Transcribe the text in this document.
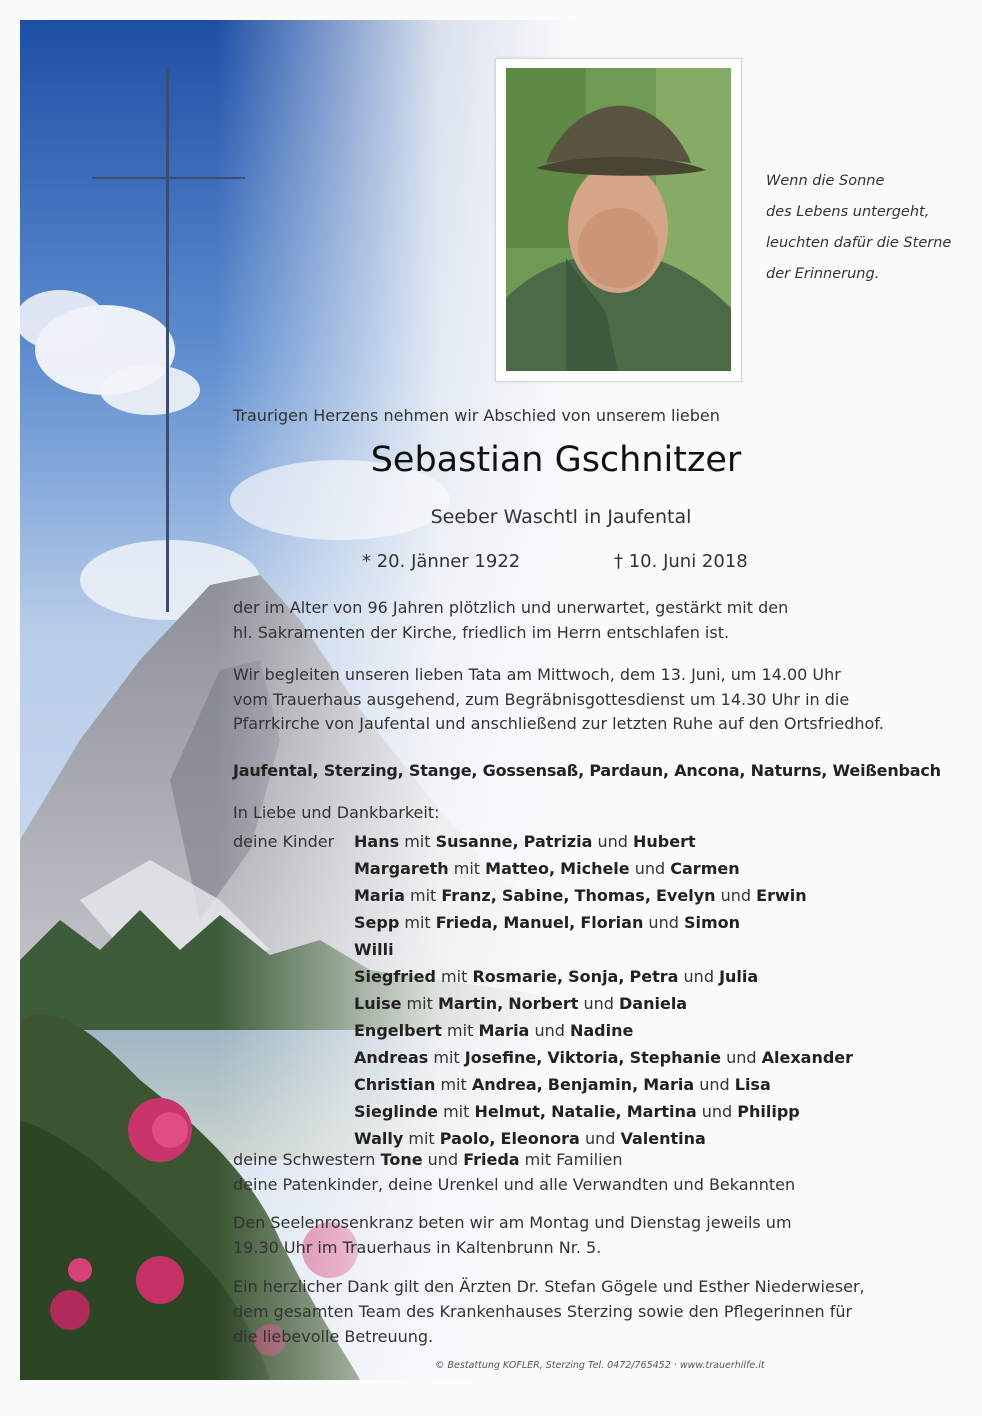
Wenn die Sonne
des Lebens untergeht,
leuchten dafür die Sterne
der Erinnerung.
Traurigen Herzens nehmen wir Abschied von unserem lieben
Sebastian Gschnitzer
Seeber Waschtl in Jaufental
* 20. Jänner 1922	† 10. Juni 2018
der im Alter von 96 Jahren plötzlich und unerwartet, gestärkt mit den
hl. Sakramenten der Kirche, friedlich im Herrn entschlafen ist.
Wir begleiten unseren lieben Tata am Mittwoch, dem 13. Juni, um 14.00 Uhr
vom Trauerhaus ausgehend, zum Begräbnisgottesdienst um 14.30 Uhr in die
Pfarrkirche von Jaufental und anschließend zur letzten Ruhe auf den Ortsfriedhof.
Jaufental, Sterzing, Stange, Gossensaß, Pardaun, Ancona, Naturns, Weißenbach
In Liebe und Dankbarkeit:
deine Kinder Hans mit Susanne, Patrizia und Hubert
Margareth mit Matteo, Michele und Carmen
Maria mit Franz, Sabine, Thomas, Evelyn und Erwin
Sepp mit Frieda, Manuel, Florian und Simon
Willi
Siegfried mit Rosmarie, Sonja, Petra und Julia
Luise mit Martin, Norbert und Daniela
Engelbert mit Maria und Nadine
Andreas mit Josefine, Viktoria, Stephanie und Alexander
Christian mit Andrea, Benjamin, Maria und Lisa
Sieglinde mit Helmut, Natalie, Martina und Philipp
Wally mit Paolo, Eleonora und Valentina
deine Schwestern Tone und Frieda mit Familien
deine Patenkinder, deine Urenkel und alle Verwandten und Bekannten
Den Seelenrosenkranz beten wir am Montag und Dienstag jeweils um
19.30 Uhr im Trauerhaus in Kaltenbrunn Nr. 5.
Ein herzlicher Dank gilt den Ärzten Dr. Stefan Gögele und Esther Niederwieser,
dem gesamten Team des Krankenhauses Sterzing sowie den Pflegerinnen für
die liebevolle Betreuung.
© Bestattung KOFLER, Sterzing Tel. 0472/765452 · www.trauerhilfe.it
